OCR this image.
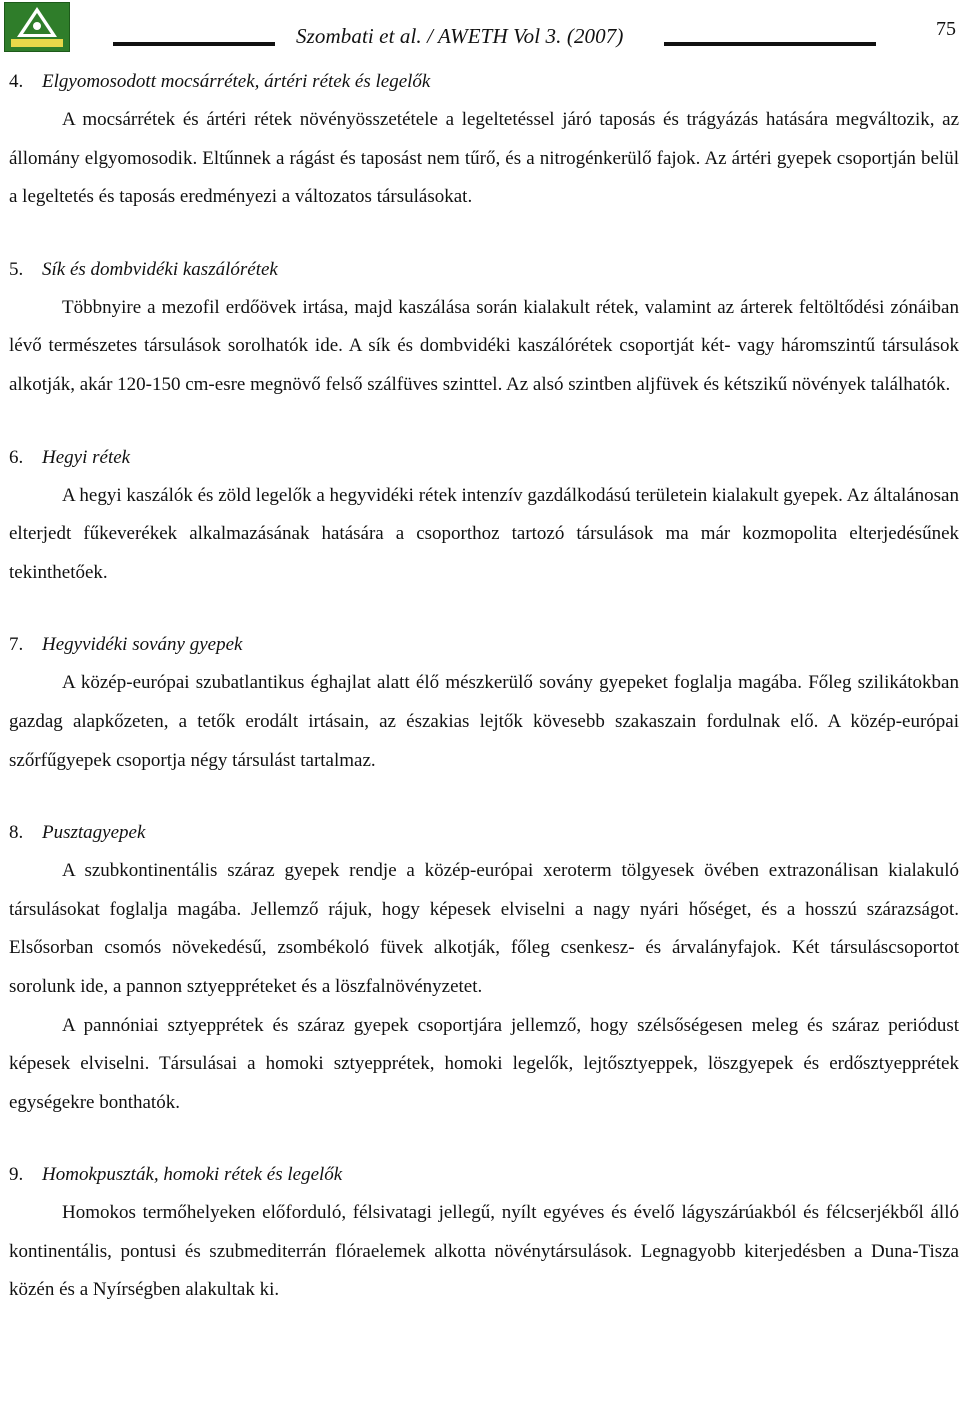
Szombati et al. / AWETH Vol 3. (2007)	75
4. Elgyomosodott mocsárrétek, ártéri rétek és legelők

A mocsárrétek és ártéri rétek növényösszetétele a legeltetéssel járó taposás és trágyázás hatására megváltozik, az állomány elgyomosodik. Eltűnnek a rágást és taposást nem tűrő, és a nitrogénkerülő fajok. Az ártéri gyepek csoportján belül a legeltetés és taposás eredményezi a változatos társulásokat.

5. Sík és dombvidéki kaszálórétek

Többnyire a mezofil erdőövek irtása, majd kaszálása során kialakult rétek, valamint az árterek feltöltődési zónáiban lévő természetes társulások sorolhatók ide. A sík és dombvidéki kaszálórétek csoportját két- vagy háromszintű társulások alkotják, akár 120-150 cm-esre megnövő felső szálfüves szinttel. Az alsó szintben aljfüvek és kétszikű növények találhatók.

6. Hegyi rétek

A hegyi kaszálók és zöld legelők a hegyvidéki rétek intenzív gazdálkodású területein kialakult gyepek. Az általánosan elterjedt fűkeverékek alkalmazásának hatására a csoporthoz tartozó társulások ma már kozmopolita elterjedésűnek tekinthetőek.

7. Hegyvidéki sovány gyepek

A közép-európai szubatlantikus éghajlat alatt élő mészkerülő sovány gyepeket foglalja magába. Főleg szilikátokban gazdag alapkőzeten, a tetők erodált irtásain, az északias lejtők kövesebb szakaszain fordulnak elő. A közép-európai szőrfűgyepek csoportja négy társulást tartalmaz.

8. Pusztagyepek

A szubkontinentális száraz gyepek rendje a közép-európai xeroterm tölgyesek övében extrazonálisan kialakuló társulásokat foglalja magába. Jellemző rájuk, hogy képesek elviselni a nagy nyári hőséget, és a hosszú szárazságot. Elsősorban csomós növekedésű, zsombékoló füvek alkotják, főleg csenkesz- és árvalányfajok. Két társuláscsoportot sorolunk ide, a pannon sztyeppréteket és a löszfalnövényzetet.

A pannóniai sztyepprétek és száraz gyepek csoportjára jellemző, hogy szélsőségesen meleg és száraz periódust képesek elviselni. Társulásai a homoki sztyepprétek, homoki legelők, lejtősztyeppek, löszgyepek és erdősztyepprétek egységekre bonthatók.

9. Homokpuszták, homoki rétek és legelők

Homokos termőhelyeken előforduló, félsivatagi jellegű, nyílt egyéves és évelő lágyszárúakból és félcserjékből álló kontinentális, pontusi és szubmediterrán flóraelemek alkotta növénytársulások. Legnagyobb kiterjedésben a Duna-Tisza közén és a Nyírségben alakultak ki.
